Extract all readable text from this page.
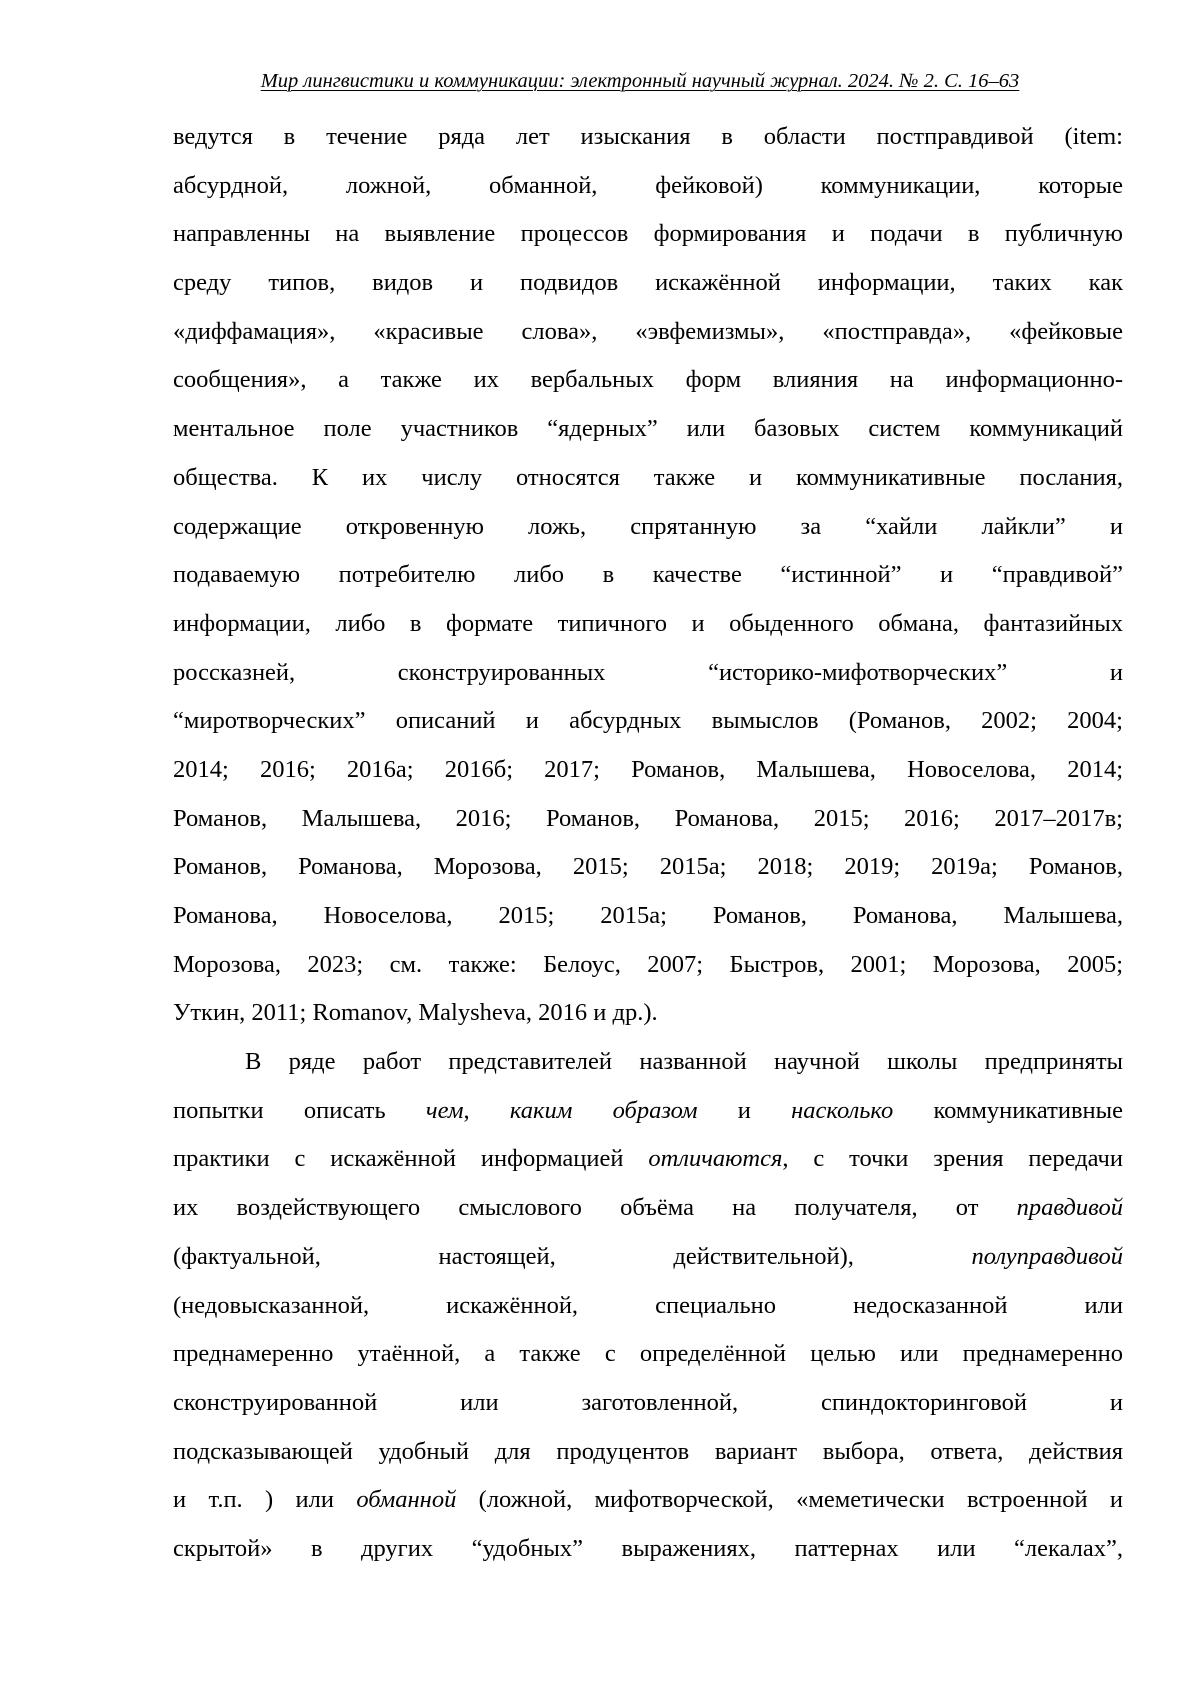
Мир лингвистики и коммуникации: электронный научный журнал. 2024. № 2. С. 16–63
ведутся в течение ряда лет изыскания в области постправдивой (item:
абсурдной, ложной, обманной, фейковой) коммуникации, которые
направленны на выявление процессов формирования и подачи в публичную
среду типов, видов и подвидов искажённой информации, таких как
«диффамация», «красивые слова», «эвфемизмы», «постправда», «фейковые
сообщения», а также их вербальных форм влияния на информационно-
ментальное поле участников “ядерных” или базовых систем коммуникаций
общества. К их числу относятся также и коммуникативные послания,
содержащие откровенную ложь, спрятанную за “хайли лайкли” и
подаваемую потребителю либо в качестве “истинной” и “правдивой”
информации, либо в формате типичного и обыденного обмана, фантазийных
россказней, сконструированных “историко-мифотворческих” и
“миротворческих” описаний и абсурдных вымыслов (Романов, 2002; 2004;
2014; 2016; 2016а; 2016б; 2017; Романов, Малышева, Новоселова, 2014;
Романов, Малышева, 2016; Романов, Романова, 2015; 2016; 2017–2017в;
Романов, Романова, Морозова, 2015; 2015а; 2018; 2019; 2019а; Романов,
Романова, Новоселова, 2015; 2015а; Романов, Романова, Малышева,
Морозова, 2023; см. также: Белоус, 2007; Быстров, 2001; Морозова, 2005;
Уткин, 2011; Romanov, Malysheva, 2016 и др.).
В ряде работ представителей названной научной школы предприняты
попытки описать чем, каким образом и насколько коммуникативные
практики с искажённой информацией отличаются, с точки зрения передачи
их воздействующего смыслового объёма на получателя, от правдивой
(фактуальной, настоящей, действительной), полуправдивой
(недовысказанной, искажённой, специально недосказанной или
преднамеренно утаённой, а также с определённой целью или преднамеренно
сконструированной или заготовленной, спиндокторинговой и
подсказывающей удобный для продуцентов вариант выбора, ответа, действия
и т.п. ) или обманной (ложной, мифотворческой, «меметически встроенной и
скрытой» в других “удобных” выражениях, паттернах или “лекалах”,
